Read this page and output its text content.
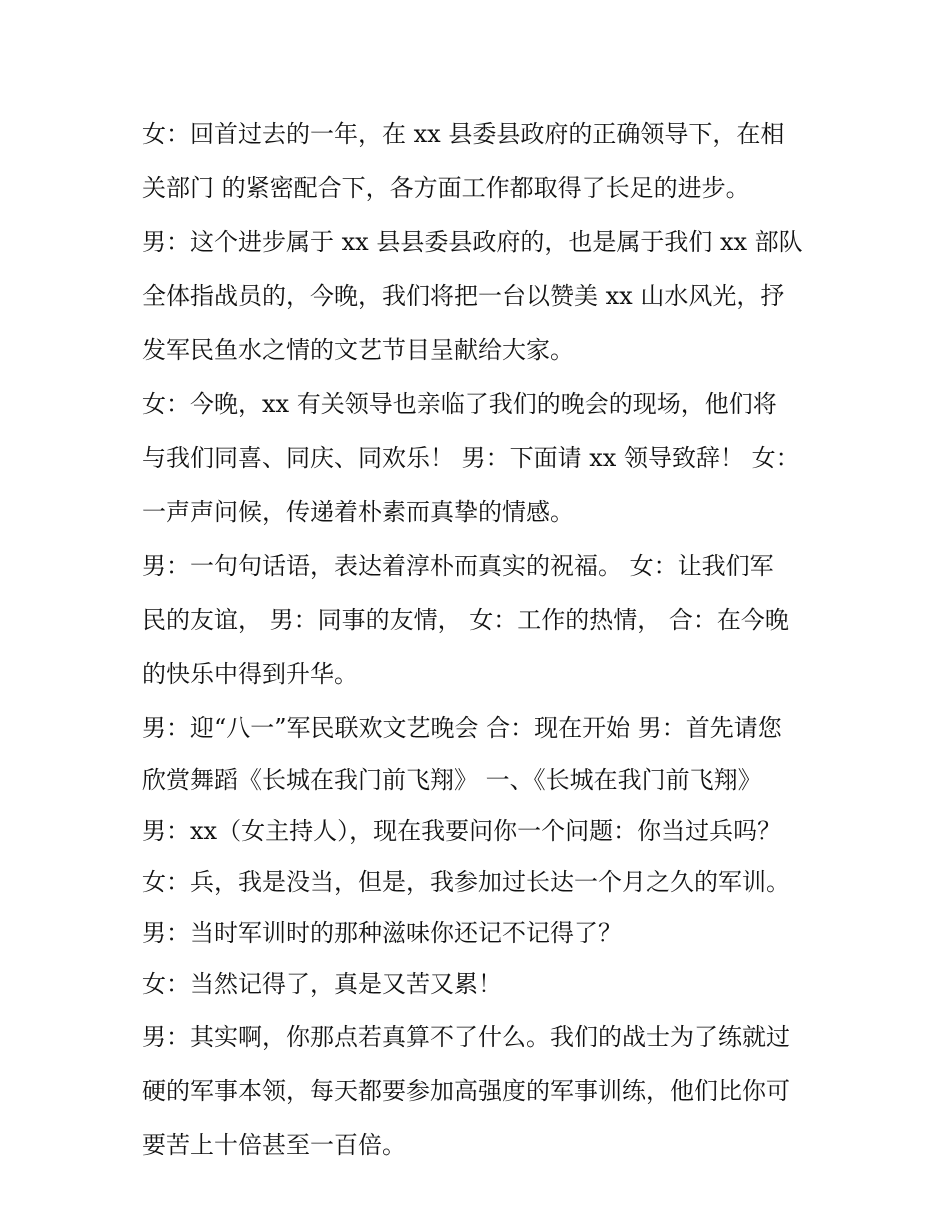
女：回首过去的一年，在 xx 县委县政府的正确领导下，在相
关部门 的紧密配合下，各方面工作都取得了长足的进步。
男：这个进步属于 xx 县县委县政府的，也是属于我们 xx 部队
全体指战员的，今晚，我们将把一台以赞美 xx 山水风光，抒
发军民鱼水之情的文艺节目呈献给大家。
女：今晚，xx 有关领导也亲临了我们的晚会的现场，他们将
与我们同喜、同庆、同欢乐！ 男：下面请 xx 领导致辞！ 女：
一声声问候，传递着朴素而真挚的情感。
男：一句句话语，表达着淳朴而真实的祝福。 女：让我们军
民的友谊， 男：同事的友情， 女：工作的热情， 合：在今晚
的快乐中得到升华。
男：迎“八一”军民联欢文艺晚会 合：现在开始 男：首先请您
欣赏舞蹈《长城在我门前飞翔》 一、《长城在我门前飞翔》
男：xx（女主持人），现在我要问你一个问题：你当过兵吗？
女：兵，我是没当，但是，我参加过长达一个月之久的军训。
男：当时军训时的那种滋味你还记不记得了？
女：当然记得了，真是又苦又累！
男：其实啊，你那点若真算不了什么。我们的战士为了练就过
硬的军事本领，每天都要参加高强度的军事训练，他们比你可
要苦上十倍甚至一百倍。
